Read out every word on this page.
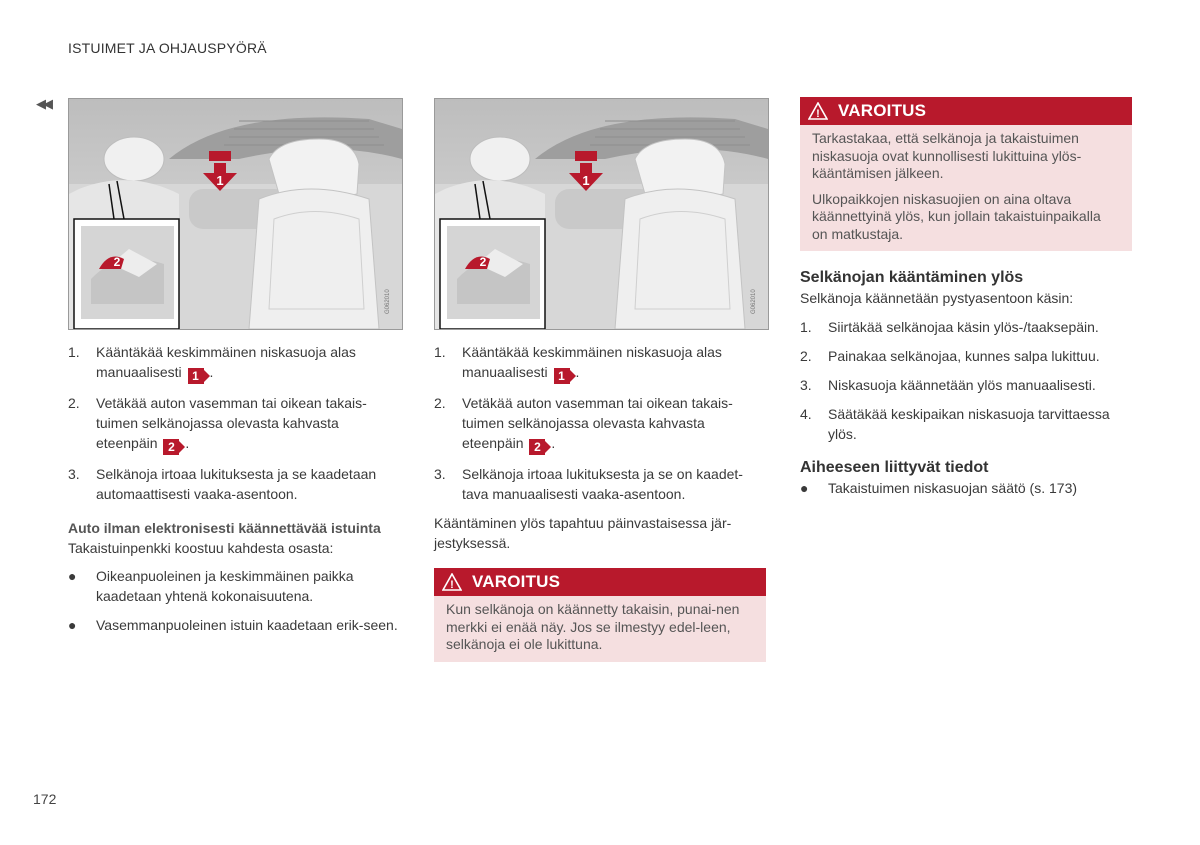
ISTUIMET JA OHJAUSPYÖRÄ
◀◀
1
2
G062010
1
2
G062010
1. Kääntäkää keskimmäinen niskasuoja alas manuaalisesti 1 .
2. Vetäkää auton vasemman tai oikean takais-tuimen selkänojassa olevasta kahvasta eteenpäin 2 .
3. Selkänoja irtoaa lukituksesta ja se kaadetaan automaattisesti vaaka-asentoon.
Auto ilman elektronisesti käännettävää istuinta

Takaistuinpenkki koostuu kahdesta osasta:

● Oikeanpuoleinen ja keskimmäinen paikka kaadetaan yhtenä kokonaisuutena.
● Vasemmanpuoleinen istuin kaadetaan erik-seen.
1. Kääntäkää keskimmäinen niskasuoja alas manuaalisesti 1 .
2. Vetäkää auton vasemman tai oikean takais-tuimen selkänojassa olevasta kahvasta eteenpäin 2 .
3. Selkänoja irtoaa lukituksesta ja se on kaadet-tava manuaalisesti vaaka-asentoon.

Kääntäminen ylös tapahtuu päinvastaisessa jär-jestyksessä.

! VAROITUS

Kun selkänoja on käännetty takaisin, punai-nen merkki ei enää näy. Jos se ilmestyy edel-leen, selkänoja ei ole lukittuna.

! VAROITUS

Tarkastakaa, että selkänoja ja takaistuimen niskasuoja ovat kunnollisesti lukittuina ylös-kääntämisen jälkeen.

Ulkopaikkojen niskasuojien on aina oltava käännettyinä ylös, kun jollain takaistuinpaikalla on matkustaja.

Selkänojan kääntäminen ylös

Selkänoja käännetään pystyasentoon käsin:

1. Siirtäkää selkänojaa käsin ylös-/taaksepäin.
2. Painakaa selkänojaa, kunnes salpa lukittuu.
3. Niskasuoja käännetään ylös manuaalisesti.
4. Säätäkää keskipaikan niskasuoja tarvittaessa ylös.
Aiheeseen liittyvät tiedot
● Takaistuimen niskasuojan säätö (s. 173)
172
